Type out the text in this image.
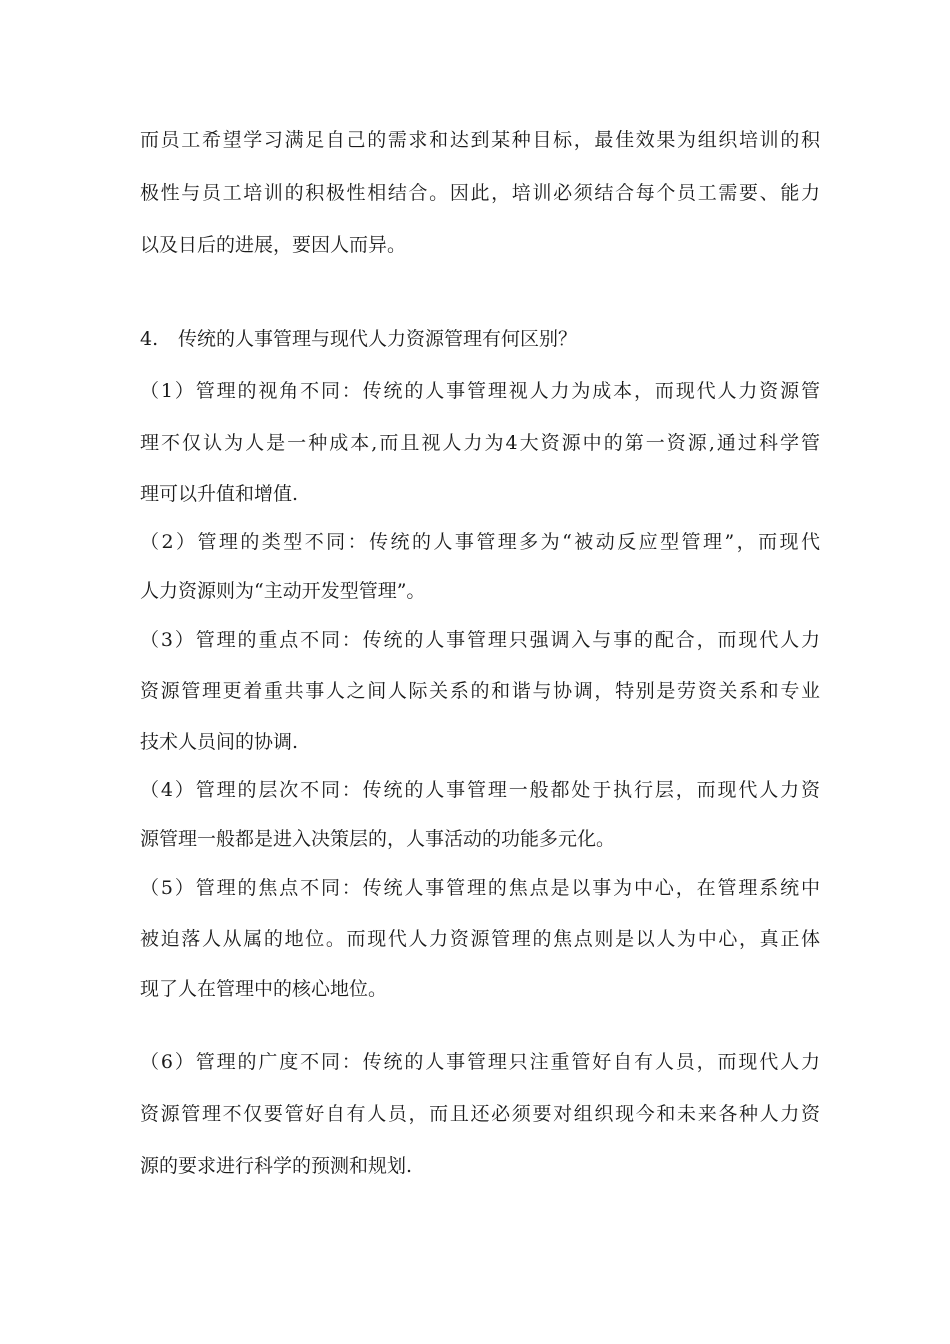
而员工希望学习满足自己的需求和达到某种目标，最佳效果为组织培训的积
极性与员工培训的积极性相结合。因此，培训必须结合每个员工需要、能力
以及日后的进展，要因人而异。
4. 传统的人事管理与现代人力资源管理有何区别？
（1）管理的视角不同：传统的人事管理视人力为成本，而现代人力资源管
理不仅认为人是一种成本,而且视人力为4大资源中的第一资源,通过科学管
理可以升值和增值.
（2）管理的类型不同：传统的人事管理多为“被动反应型管理”，而现代
人力资源则为“主动开发型管理”。
（3）管理的重点不同：传统的人事管理只强调入与事的配合，而现代人力
资源管理更着重共事人之间人际关系的和谐与协调，特别是劳资关系和专业
技术人员间的协调.
（4）管理的层次不同：传统的人事管理一般都处于执行层，而现代人力资
源管理一般都是进入决策层的，人事活动的功能多元化。
（5）管理的焦点不同：传统人事管理的焦点是以事为中心，在管理系统中
被迫落人从属的地位。而现代人力资源管理的焦点则是以人为中心，真正体
现了人在管理中的核心地位。
（6）管理的广度不同：传统的人事管理只注重管好自有人员，而现代人力
资源管理不仅要管好自有人员，而且还必须要对组织现今和未来各种人力资
源的要求进行科学的预测和规划.
